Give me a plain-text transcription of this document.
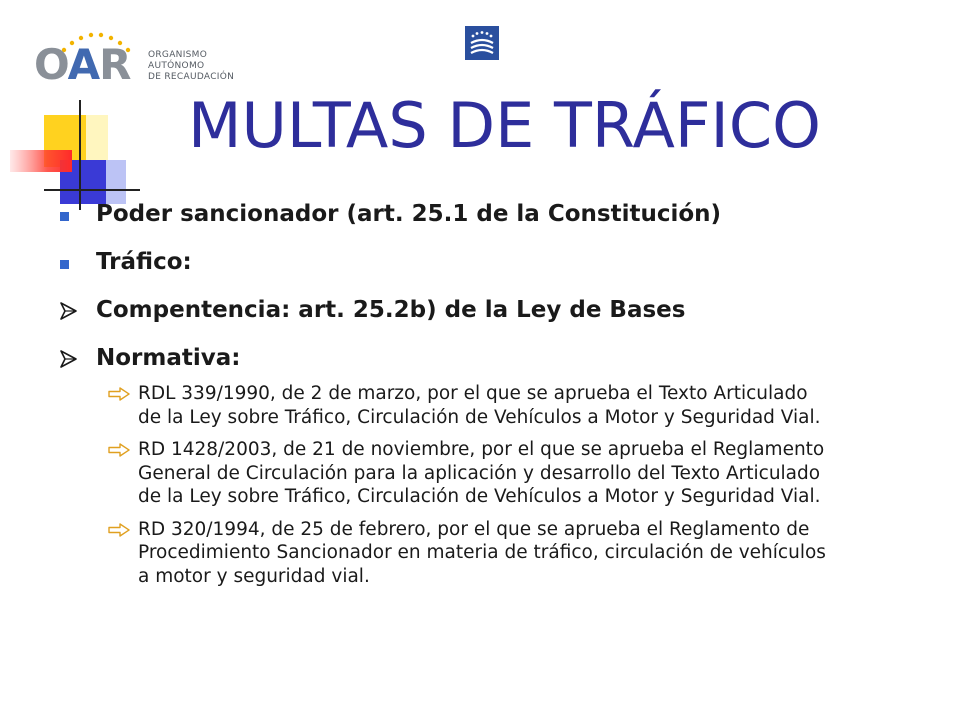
OAR ORGANISMO
AUTÓNOMO
DE RECAUDACIÓN
MULTAS DE TRÁFICO
Poder sancionador (art. 25.1 de la Constitución)
Tráfico:
Compentencia: art. 25.2b) de la Ley de Bases
Normativa:
RDL 339/1990, de 2 de marzo, por el que se aprueba el Texto Articulado
de la Ley sobre Tráfico, Circulación de Vehículos a Motor y Seguridad Vial.
RD 1428/2003, de 21 de noviembre, por el que se aprueba el Reglamento
General de Circulación para la aplicación y desarrollo del Texto Articulado
de la Ley sobre Tráfico, Circulación de Vehículos a Motor y Seguridad Vial.
RD 320/1994, de 25 de febrero, por el que se aprueba el Reglamento de
Procedimiento Sancionador en materia de tráfico, circulación de vehículos
a motor y seguridad vial.
